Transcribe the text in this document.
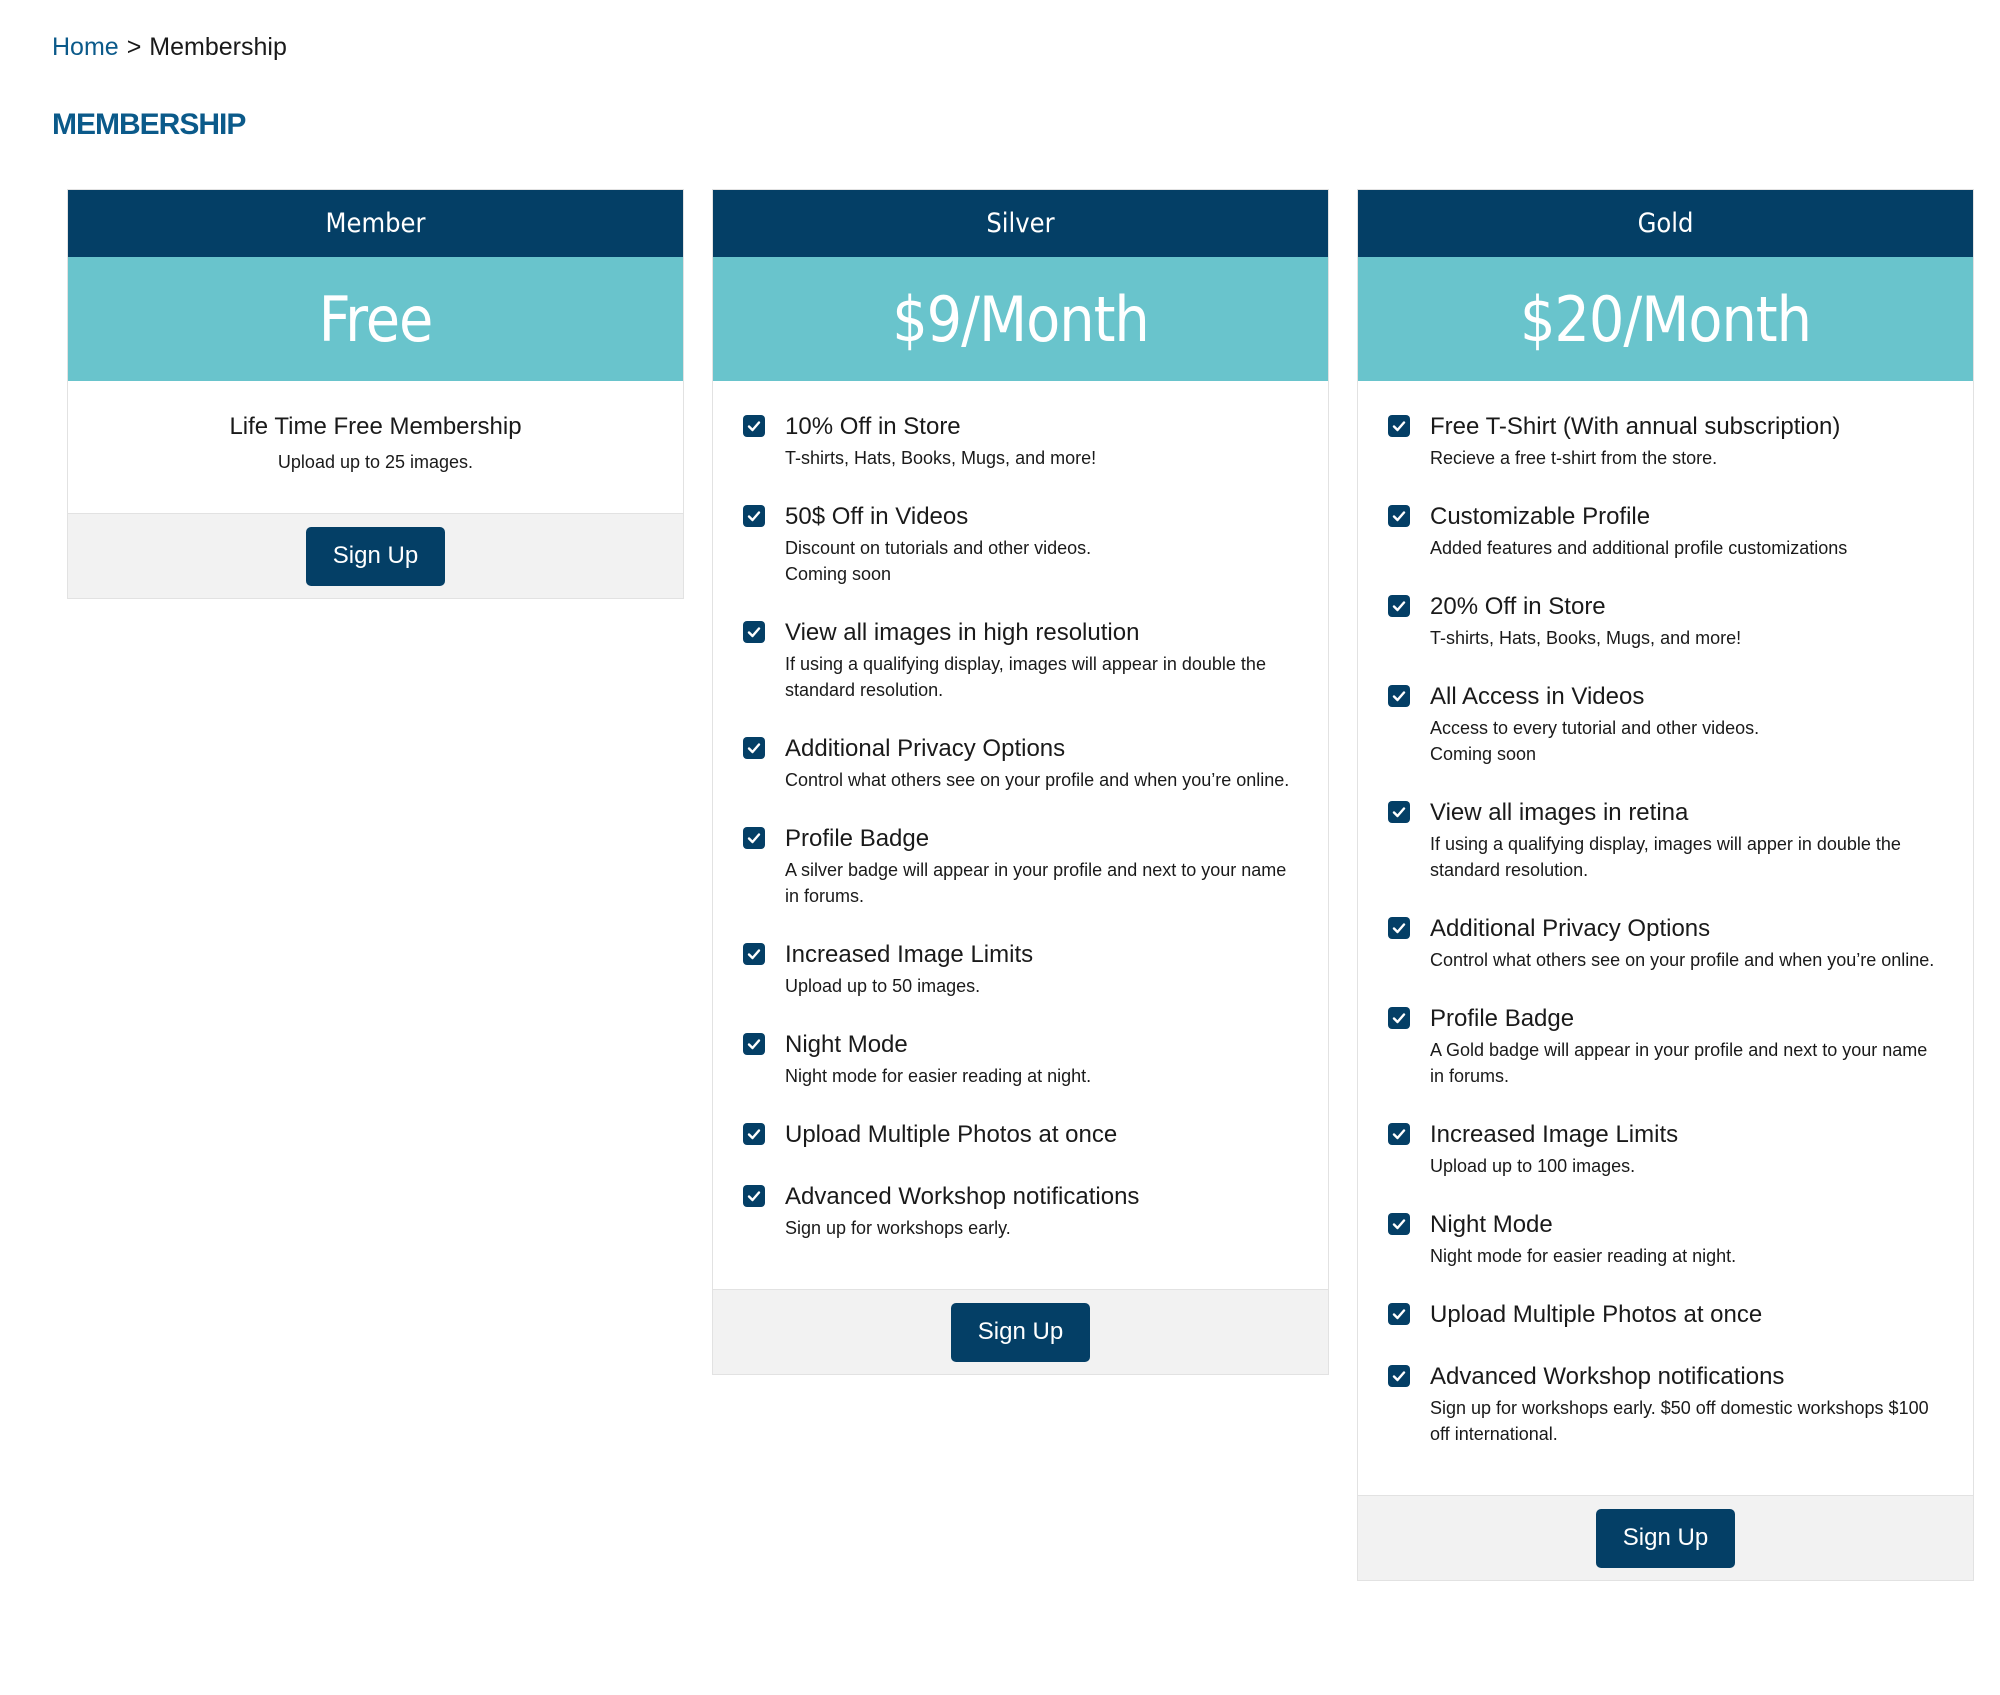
Home > Membership
MEMBERSHIP
Member
Free
Life Time Free Membership
Upload up to 25 images.
Sign Up
Silver
$9/Month
10% Off in Store
T-shirts, Hats, Books, Mugs, and more!
50$ Off in Videos
Discount on tutorials and other videos.
Coming soon
View all images in high resolution
If using a qualifying display, images will appear in double the standard resolution.
Additional Privacy Options
Control what others see on your profile and when you’re online.
Profile Badge
A silver badge will appear in your profile and next to your name in forums.
Increased Image Limits
Upload up to 50 images.
Night Mode
Night mode for easier reading at night.
Upload Multiple Photos at once
Advanced Workshop notifications
Sign up for workshops early.
Sign Up
Gold
$20/Month
Free T-Shirt (With annual subscription)
Recieve a free t-shirt from the store.
Customizable Profile
Added features and additional profile customizations
20% Off in Store
T-shirts, Hats, Books, Mugs, and more!
All Access in Videos
Access to every tutorial and other videos.
Coming soon
View all images in retina
If using a qualifying display, images will apper in double the standard resolution.
Additional Privacy Options
Control what others see on your profile and when you’re online.
Profile Badge
A Gold badge will appear in your profile and next to your name in forums.
Increased Image Limits
Upload up to 100 images.
Night Mode
Night mode for easier reading at night.
Upload Multiple Photos at once
Advanced Workshop notifications
Sign up for workshops early. $50 off domestic workshops $100 off international.
Sign Up
